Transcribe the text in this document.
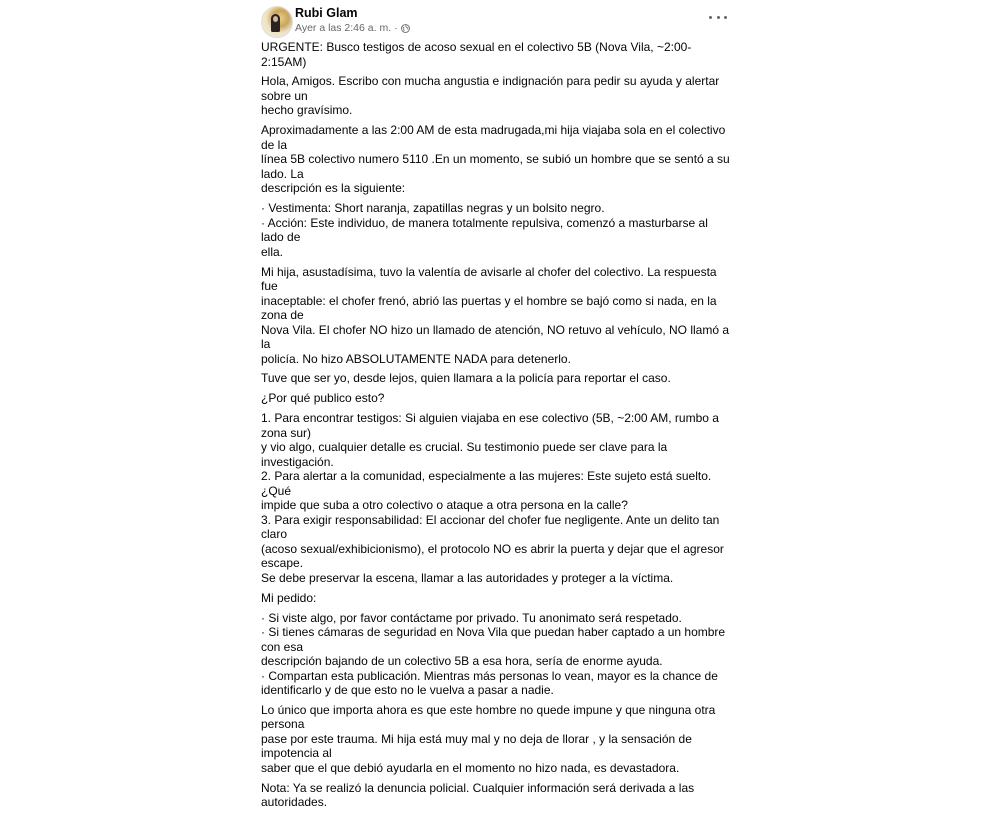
Rubi Glam
Ayer a las 2:46 a. m. ·

URGENTE: Busco testigos de acoso sexual en el colectivo 5B (Nova Vila, ~2:00- 2:15AM)

Hola, Amigos. Escribo con mucha angustia e indignación para pedir su ayuda y alertar sobre un
hecho gravísimo.

Aproximadamente a las 2:00 AM de esta madrugada,mi hija viajaba sola en el colectivo de la
línea 5B colectivo numero 5110 .En un momento, se subió un hombre que se sentó a su lado. La
descripción es la siguiente:

· Vestimenta: Short naranja, zapatillas negras y un bolsito negro.
· Acción: Este individuo, de manera totalmente repulsiva, comenzó a masturbarse al lado de
ella.

Mi hija, asustadísima, tuvo la valentía de avisarle al chofer del colectivo. La respuesta fue
inaceptable: el chofer frenó, abrió las puertas y el hombre se bajó como si nada, en la zona de
Nova Vila. El chofer NO hizo un llamado de atención, NO retuvo al vehículo, NO llamó a la
policía. No hizo ABSOLUTAMENTE NADA para detenerlo.

Tuve que ser yo, desde lejos, quien llamara a la policía para reportar el caso.

¿Por qué publico esto?

1. Para encontrar testigos: Si alguien viajaba en ese colectivo (5B, ~2:00 AM, rumbo a zona sur)
y vio algo, cualquier detalle es crucial. Su testimonio puede ser clave para la investigación.
2. Para alertar a la comunidad, especialmente a las mujeres: Este sujeto está suelto. ¿Qué
impide que suba a otro colectivo o ataque a otra persona en la calle?
3. Para exigir responsabilidad: El accionar del chofer fue negligente. Ante un delito tan claro
(acoso sexual/exhibicionismo), el protocolo NO es abrir la puerta y dejar que el agresor escape.
Se debe preservar la escena, llamar a las autoridades y proteger a la víctima.

Mi pedido:

· Si viste algo, por favor contáctame por privado. Tu anonimato será respetado.
· Si tienes cámaras de seguridad en Nova Vila que puedan haber captado a un hombre con esa
descripción bajando de un colectivo 5B a esa hora, sería de enorme ayuda.
· Compartan esta publicación. Mientras más personas lo vean, mayor es la chance de
identificarlo y de que esto no le vuelva a pasar a nadie.

Lo único que importa ahora es que este hombre no quede impune y que ninguna otra persona
pase por este trauma. Mi hija está muy mal y no deja de llorar , y la sensación de impotencia al
saber que el que debió ayudarla en el momento no hizo nada, es devastadora.

Nota: Ya se realizó la denuncia policial. Cualquier información será derivada a las autoridades.
